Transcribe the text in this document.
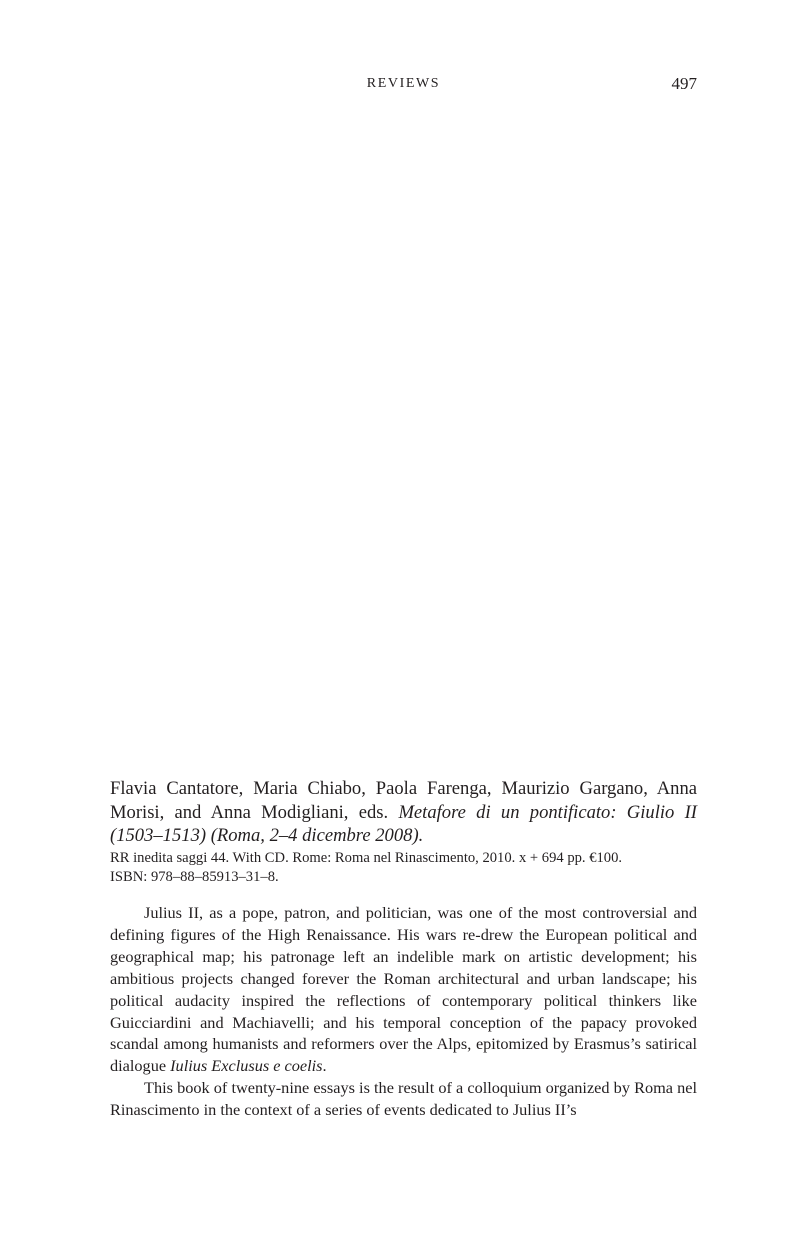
REVIEWS	497

Flavia Cantatore, Maria Chiabo, Paola Farenga, Maurizio Gargano, Anna Morisi, and Anna Modigliani, eds. Metafore di un pontificato: Giulio II (1503–1513) (Roma, 2–4 dicembre 2008).

RR inedita saggi 44. With CD. Rome: Roma nel Rinascimento, 2010. x + 694 pp. €100.
ISBN: 978–88–85913–31–8.

Julius II, as a pope, patron, and politician, was one of the most controversial and defining figures of the High Renaissance. His wars re-drew the European political and geographical map; his patronage left an indelible mark on artistic development; his ambitious projects changed forever the Roman architectural and urban landscape; his political audacity inspired the reflections of contemporary political thinkers like Guicciardini and Machiavelli; and his temporal conception of the papacy provoked scandal among humanists and reformers over the Alps, epitomized by Erasmus’s satirical dialogue Iulius Exclusus e coelis.

This book of twenty-nine essays is the result of a colloquium organized by Roma nel Rinascimento in the context of a series of events dedicated to Julius II’s
